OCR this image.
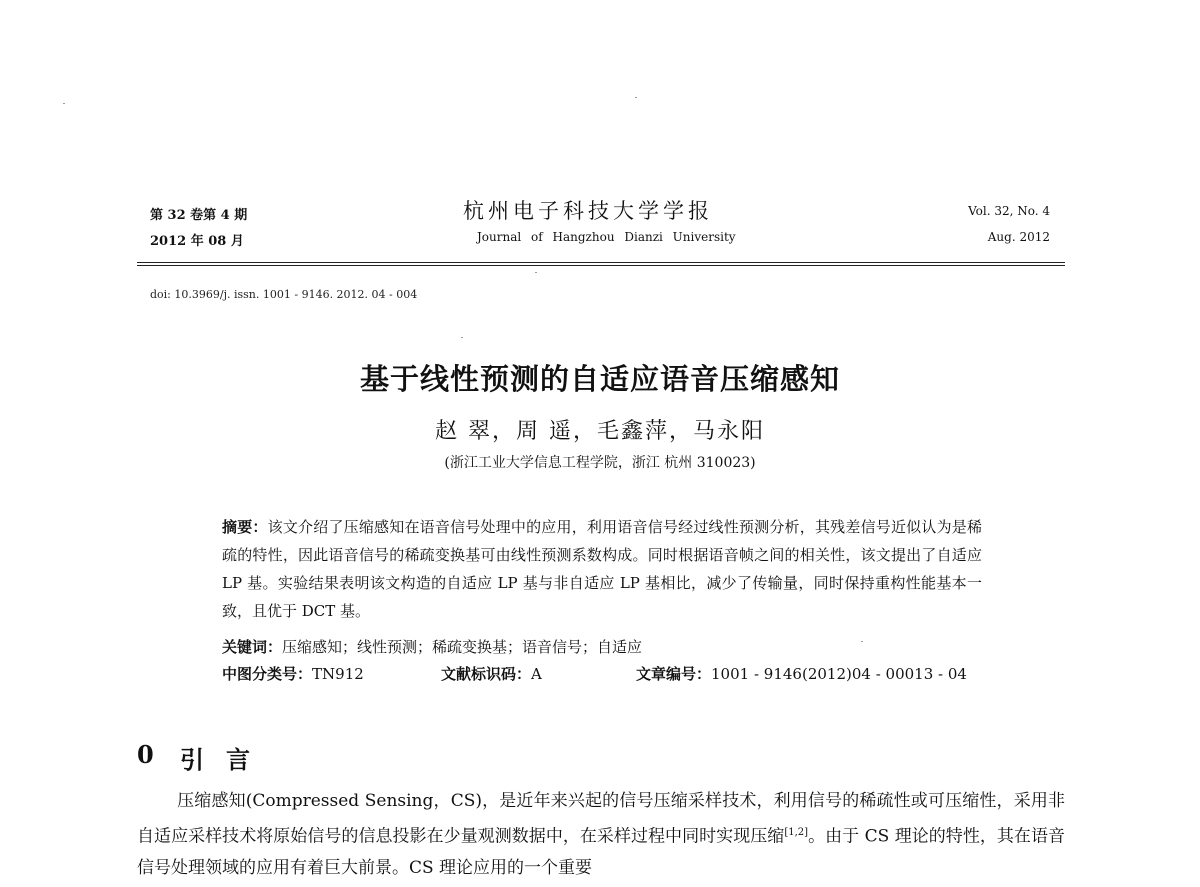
第 32 卷第 4 期
2012 年 08 月
杭州电子科技大学学报
Journal of Hangzhou Dianzi University
Vol. 32, No. 4
Aug. 2012
doi: 10.3969/j. issn. 1001 - 9146. 2012. 04 - 004
基于线性预测的自适应语音压缩感知
赵 翠，周 遥，毛鑫萍，马永阳
(浙江工业大学信息工程学院，浙江 杭州 310023)
摘要：该文介绍了压缩感知在语音信号处理中的应用，利用语音信号经过线性预测分析，其残差信号近似认为是稀疏的特性，因此语音信号的稀疏变换基可由线性预测系数构成。同时根据语音帧之间的相关性，该文提出了自适应 LP 基。实验结果表明该文构造的自适应 LP 基与非自适应 LP 基相比，减少了传输量，同时保持重构性能基本一致，且优于 DCT 基。
关键词：压缩感知；线性预测；稀疏变换基；语音信号；自适应
中图分类号：TN912	文献标识码：A	文章编号：1001 - 9146(2012)04 - 00013 - 04
0 引言
压缩感知(Compressed Sensing，CS)，是近年来兴起的信号压缩采样技术，利用信号的稀疏性或可压缩性，采用非自适应采样技术将原始信号的信息投影在少量观测数据中，在采样过程中同时实现压缩[1,2]。由于 CS 理论的特性，其在语音信号处理领域的应用有着巨大前景。CS 理论应用的一个重要
